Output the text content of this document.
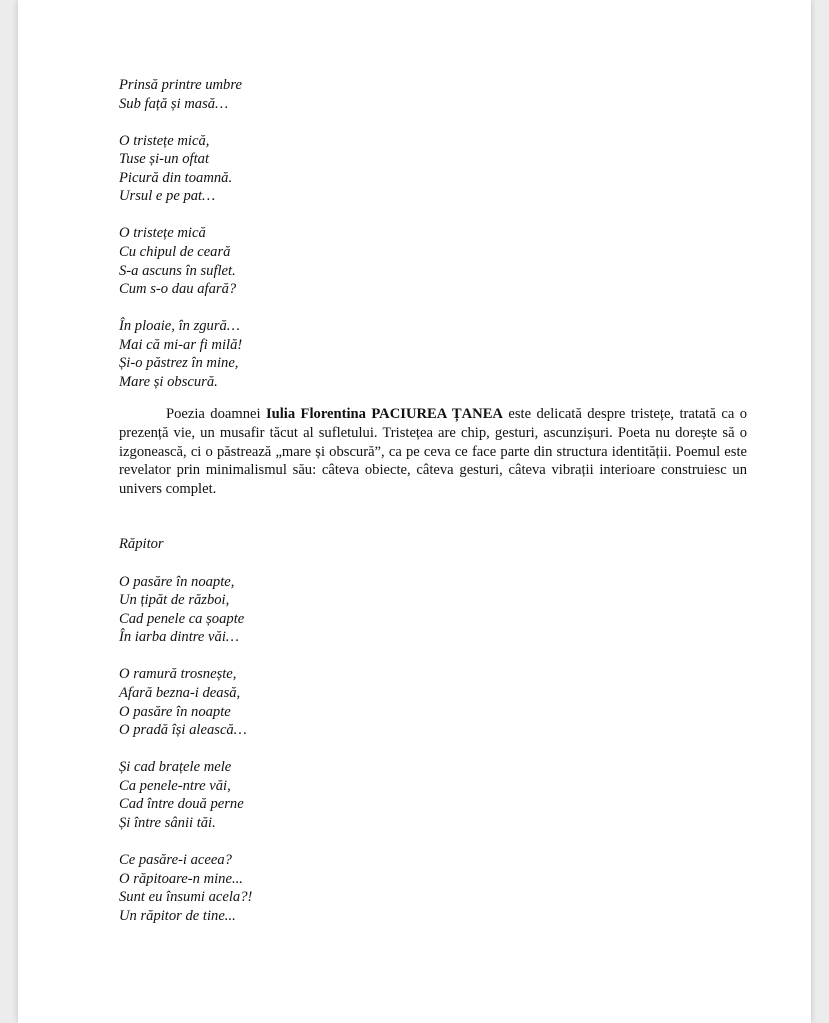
Prinsă printre umbre
Sub față și masă…
O tristețe mică,
Tuse și-un oftat
Picură din toamnă.
Ursul e pe pat…
O tristețe mică
Cu chipul de ceară
S-a ascuns în suflet.
Cum s-o dau afară?
În ploaie, în zgură…
Mai că mi-ar fi milă!
Și-o păstrez în mine,
Mare și obscură.

Poezia doamnei Iulia Florentina PACIUREA ȚANEA este delicată despre tristețe, tratată ca o prezență vie, un musafir tăcut al sufletului. Tristețea are chip, gesturi, ascunzișuri. Poeta nu dorește să o izgonească, ci o păstrează „mare și obscură”, ca pe ceva ce face parte din structura identității. Poemul este revelator prin minimalismul său: câteva obiecte, câteva gesturi, câteva vibrații interioare construiesc un univers complet.

Răpitor
O pasăre în noapte,
Un țipăt de război,
Cad penele ca șoapte
În iarba dintre văi…
O ramură trosnește,
Afară bezna-i deasă,
O pasăre în noapte
O pradă își alească…
Și cad brațele mele
Ca penele-ntre văi,
Cad între două perne
Și între sânii tăi.
Ce pasăre-i aceea?
O răpitoare-n mine...
Sunt eu însumi acela?!
Un răpitor de tine...
